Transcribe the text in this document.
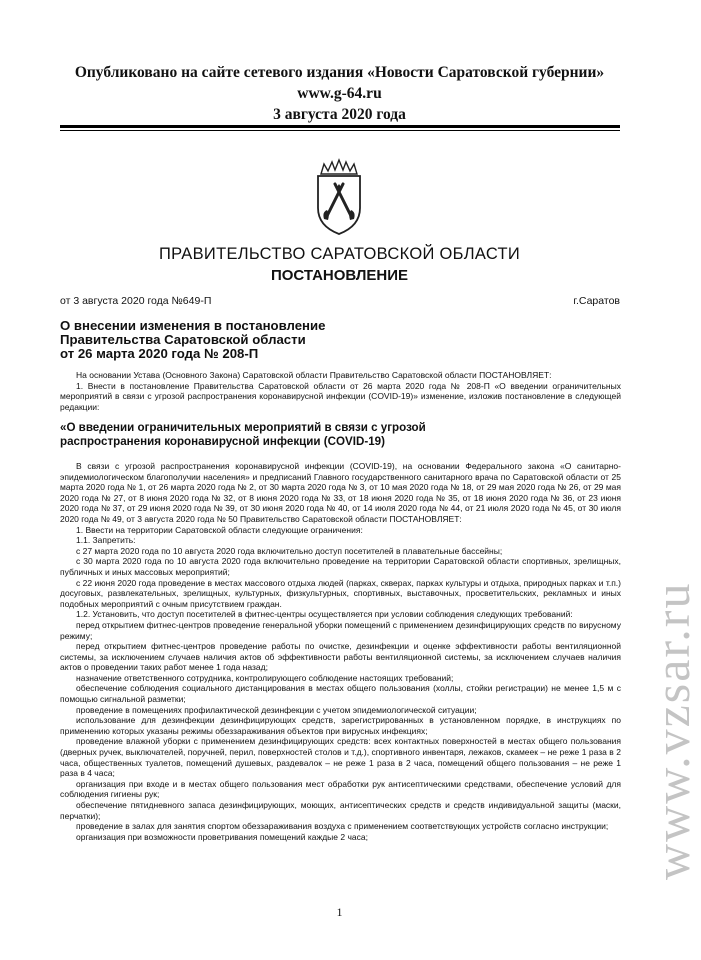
Опубликовано на сайте сетевого издания «Новости Саратовской губернии»
www.g-64.ru
3 августа 2020 года
ПРАВИТЕЛЬСТВО САРАТОВСКОЙ ОБЛАСТИ
ПОСТАНОВЛЕНИЕ
от 3 августа 2020 года №649-П	г.Саратов
О внесении изменения в постановление
Правительства Саратовской области
от 26 марта 2020 года № 208-П

На основании Устава (Основного Закона) Саратовской области Правительство Саратовской области ПОСТАНОВЛЯЕТ:

1. Внести в постановление Правительства Саратовской области от 26 марта 2020 года № 208-П «О введении ограничительных мероприятий в связи с угрозой распространения коронавирусной инфекции (COVID-19)» изменение, изложив постановление в следующей редакции:

«О введении ограничительных мероприятий в связи с угрозой
распространения коронавирусной инфекции (COVID-19)

В связи с угрозой распространения коронавирусной инфекции (COVID-19), на основании Федерального закона «О санитарно-эпидемиологическом благополучии населения» и предписаний Главного государственного санитарного врача по Саратовской области от 25 марта 2020 года № 1, от 26 марта 2020 года № 2, от 30 марта 2020 года № 3, от 10 мая 2020 года № 18, от 29 мая 2020 года № 26, от 29 мая 2020 года № 27, от 8 июня 2020 года № 32, от 8 июня 2020 года № 33, от 18 июня 2020 года № 35, от 18 июня 2020 года № 36, от 23 июня 2020 года № 37, от 29 июня 2020 года № 39, от 30 июня 2020 года № 40, от 14 июля 2020 года № 44, от 21 июля 2020 года № 45, от 30 июля 2020 года № 49, от 3 августа 2020 года № 50 Правительство Саратовской области ПОСТАНОВЛЯЕТ:

1. Ввести на территории Саратовской области следующие ограничения:

1.1. Запретить:

с 27 марта 2020 года по 10 августа 2020 года включительно доступ посетителей в плавательные бассейны;

с 30 марта 2020 года по 10 августа 2020 года включительно проведение на территории Саратовской области спортивных, зрелищных, публичных и иных массовых мероприятий;

с 22 июня 2020 года проведение в местах массового отдыха людей (парках, скверах, парках культуры и отдыха, природных парках и т.п.) досуговых, развлекательных, зрелищных, культурных, физкультурных, спортивных, выставочных, просветительских, рекламных и иных подобных мероприятий с очным присутствием граждан.

1.2. Установить, что доступ посетителей в фитнес-центры осуществляется при условии соблюдения следующих требований:

перед открытием фитнес-центров проведение генеральной уборки помещений с применением дезинфицирующих средств по вирусному режиму;

перед открытием фитнес-центров проведение работы по очистке, дезинфекции и оценке эффективности работы вентиляционной системы, за исключением случаев наличия актов об эффективности работы вентиляционной системы, за исключением случаев наличия актов о проведении таких работ менее 1 года назад;

назначение ответственного сотрудника, контролирующего соблюдение настоящих требований;

обеспечение соблюдения социального дистанцирования в местах общего пользования (холлы, стойки регистрации) не менее 1,5 м с помощью сигнальной разметки;

проведение в помещениях профилактической дезинфекции с учетом эпидемиологической ситуации;

использование для дезинфекции дезинфицирующих средств, зарегистрированных в установленном порядке, в инструкциях по применению которых указаны режимы обеззараживания объектов при вирусных инфекциях;

проведение влажной уборки с применением дезинфицирующих средств: всех контактных поверхностей в местах общего пользования (дверных ручек, выключателей, поручней, перил, поверхностей столов и т.д.), спортивного инвентаря, лежаков, скамеек – не реже 1 раза в 2 часа, общественных туалетов, помещений душевых, раздевалок – не реже 1 раза в 2 часа, помещений общего пользования – не реже 1 раза в 4 часа;

организация при входе и в местах общего пользования мест обработки рук антисептическими средствами, обеспечение условий для соблюдения гигиены рук;

обеспечение пятидневного запаса дезинфицирующих, моющих, антисептических средств и средств индивидуальной защиты (маски, перчатки);

проведение в залах для занятия спортом обеззараживания воздуха с применением соответствующих устройств согласно инструкции;

организация при возможности проветривания помещений каждые 2 часа;

1
www.vzsar.ru
